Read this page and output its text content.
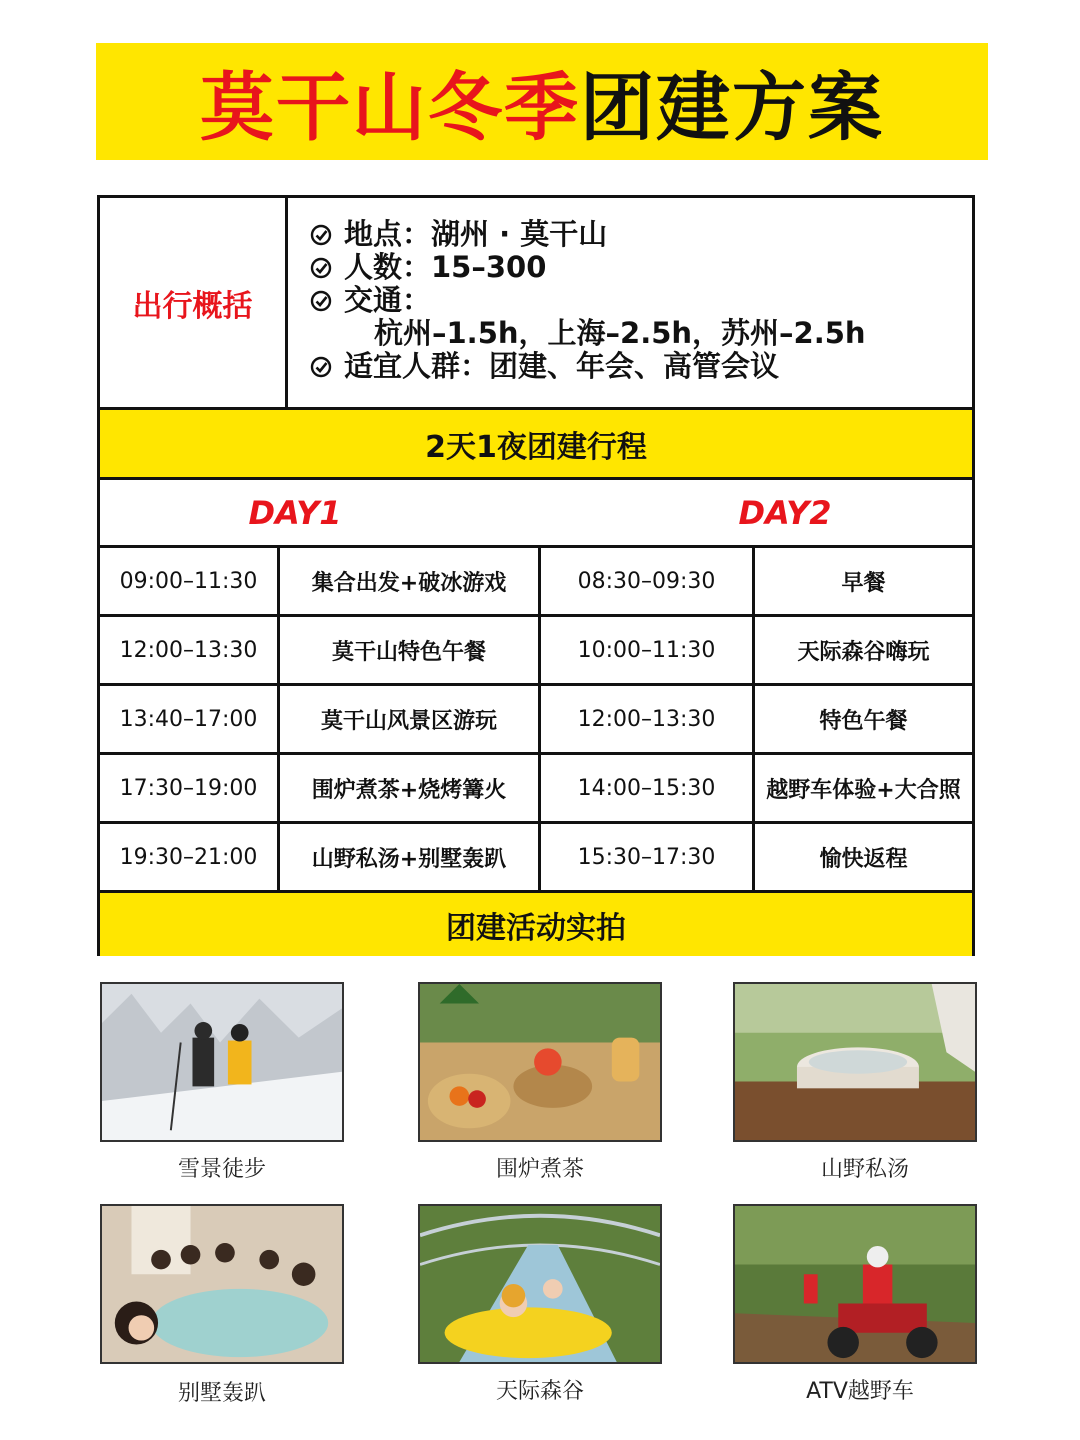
莫干山冬季 团建方案
出行概括
地点：湖州 · 莫干山
人数：15–300
交通：
杭州–1.5h，上海–2.5h，苏州–2.5h
适宜人群：团建、年会、高管会议
2天1夜团建行程
DAY1	DAY2
09:00–11:30	集合出发+破冰游戏	08:30–09:30	早餐
12:00–13:30	莫干山特色午餐	10:00–11:30	天际森谷嗨玩
13:40–17:00	莫干山风景区游玩	12:00–13:30	特色午餐
17:30–19:00	围炉煮茶+烧烤篝火	14:00–15:30	越野车体验+大合照
19:30–21:00	山野私汤+别墅轰趴	15:30–17:30	愉快返程
团建活动实拍
雪景徒步	围炉煮茶	山野私汤
别墅轰趴	天际森谷	ATV越野车
